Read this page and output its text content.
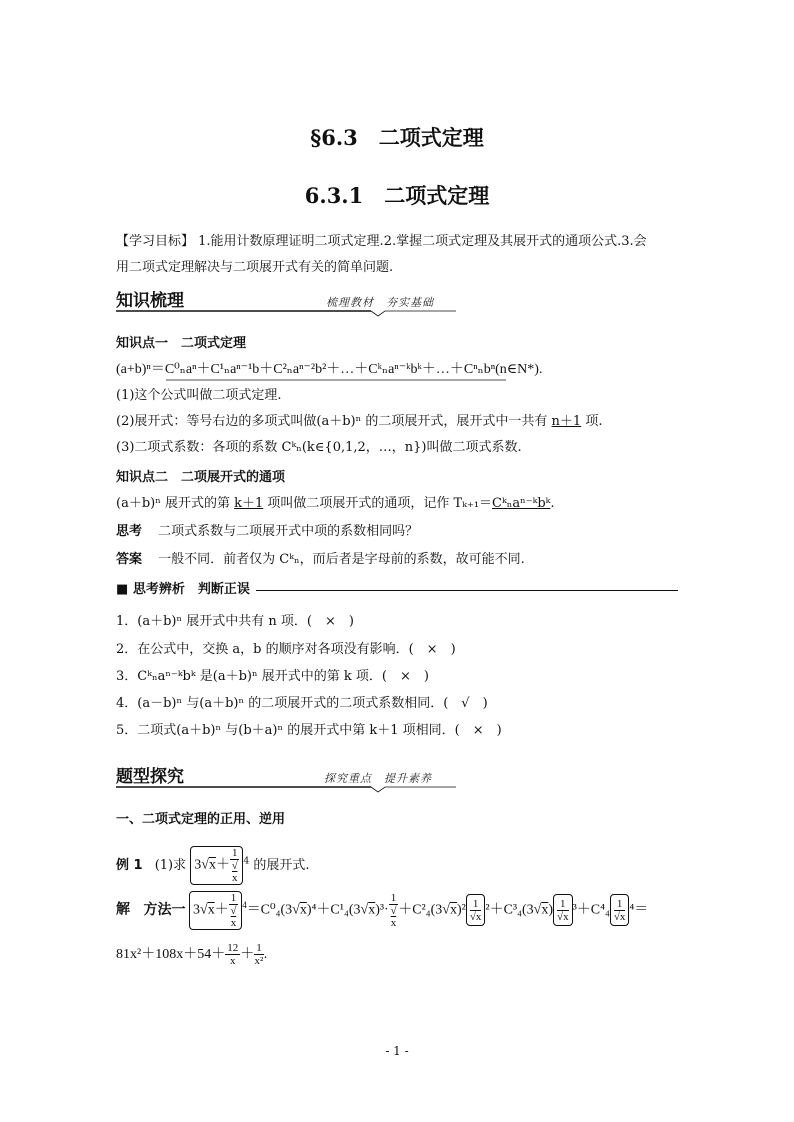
§6.3　二项式定理
6.3.1　二项式定理
【学习目标】 1.能用计数原理证明二项式定理.2.掌握二项式定理及其展开式的通项公式.3.会
用二项式定理解决与二项展开式有关的简单问题.
知识梳理	梳理教材　夯实基础
知识点一　二项式定理
(a+b)ⁿ＝C⁰ₙaⁿ＋C¹ₙaⁿ⁻¹b＋C²ₙaⁿ⁻²b²＋…＋Cᵏₙaⁿ⁻ᵏbᵏ＋…＋Cⁿₙbⁿ(n∈N*).
(1)这个公式叫做二项式定理.
(2)展开式：等号右边的多项式叫做(a＋b)ⁿ 的二项展开式，展开式中一共有 n＋1 项.
(3)二项式系数：各项的系数 Cᵏₙ(k∈{0,1,2，…，n})叫做二项式系数.
知识点二　二项展开式的通项
(a＋b)ⁿ 展开式的第 k＋1 项叫做二项展开式的通项，记作 Tₖ₊₁＝Cᵏₙaⁿ⁻ᵏbᵏ.
思考 二项式系数与二项展开式中项的系数相同吗？
答案 一般不同．前者仅为 Cᵏₙ，而后者是字母前的系数，故可能不同.
■ 思考辨析　判断正误
1．(a＋b)ⁿ 展开式中共有 n 项．(　×　)
2．在公式中，交换 a，b 的顺序对各项没有影响．(　×　)
3．Cᵏₙaⁿ⁻ᵏbᵏ 是(a＋b)ⁿ 展开式中的第 k 项．(　×　)
4．(a－b)ⁿ 与(a＋b)ⁿ 的二项展开式的二项式系数相同．(　√　)
5．二项式(a＋b)ⁿ 与(b＋a)ⁿ 的展开式中第 k＋1 项相同．(　×　)
题型探究	探究重点　提升素养
一、二项式定理的正用、逆用
例 1 (1)求 3√x＋ 1
√
x $^4$ 的展开式.
解 方法一 3√x＋ 1
√
x $^4$＝C⁰₄(3√x)⁴＋C¹₄(3√x)³· 1
√
$x +C^2_4(3√x)^2 \frac{1}{√x} ^2+C^3_4(3√x) \frac{1}{√x} ^3+C^4_4 \frac{1}{√x} ^4=$
$81x^2+108x+54+ \frac{12}{x} + \frac{1}{\text{x²}}$ .
- 1 -
